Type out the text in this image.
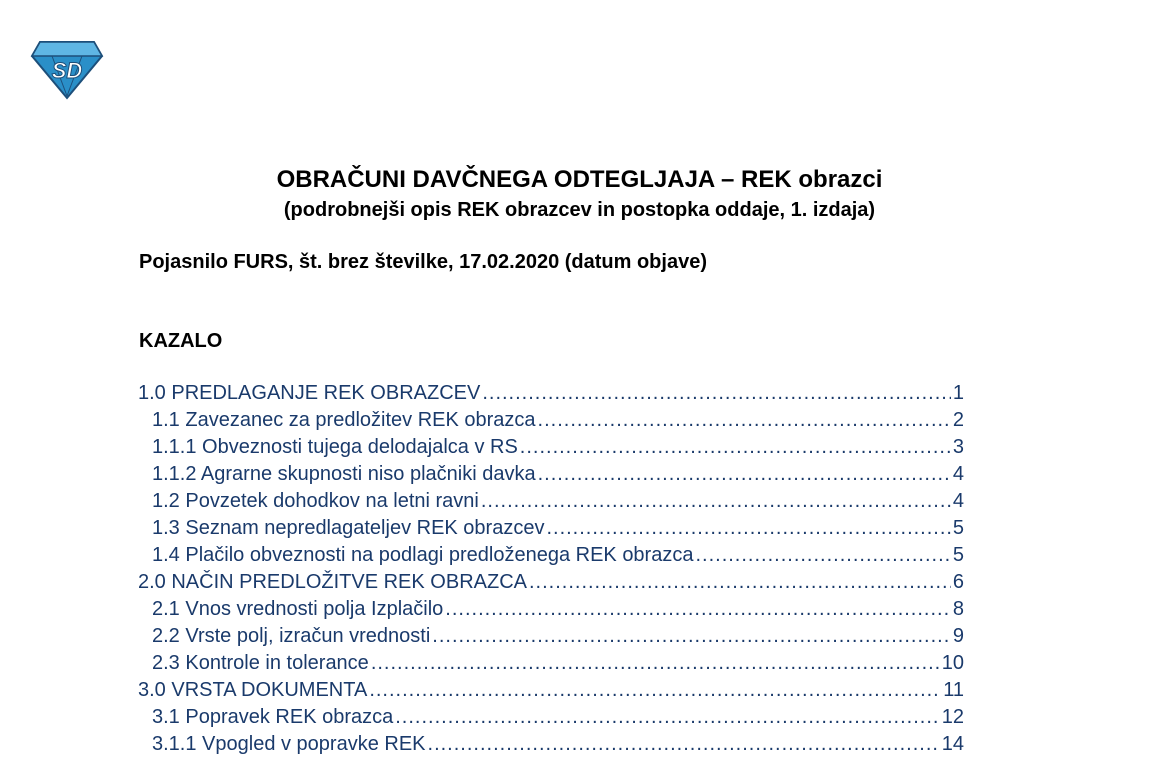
SD
OBRAČUNI DAVČNEGA ODTEGLJAJA – REK obrazci
(podrobnejši opis REK obrazcev in postopka oddaje, 1. izdaja)
Pojasnilo FURS, št. brez številke, 17.02.2020 (datum objave)
KAZALO
1.0 PREDLAGANJE REK OBRAZCEV .....	1
1.1 Zavezanec za predložitev REK obrazca .....	2
1.1.1 Obveznosti tujega delodajalca v RS .....	3
1.1.2 Agrarne skupnosti niso plačniki davka .....	4
1.2 Povzetek dohodkov na letni ravni .....	4
1.3 Seznam nepredlagateljev REK obrazcev .....	5
1.4 Plačilo obveznosti na podlagi predloženega REK obrazca .....	5
2.0 NAČIN PREDLOŽITVE REK OBRAZCA .....	6
2.1 Vnos vrednosti polja Izplačilo .....	8
2.2 Vrste polj, izračun vrednosti .....	9
2.3 Kontrole in tolerance .....	10
3.0 VRSTA DOKUMENTA .....	11
3.1 Popravek REK obrazca .....	12
3.1.1 Vpogled v popravke REK .....	14
